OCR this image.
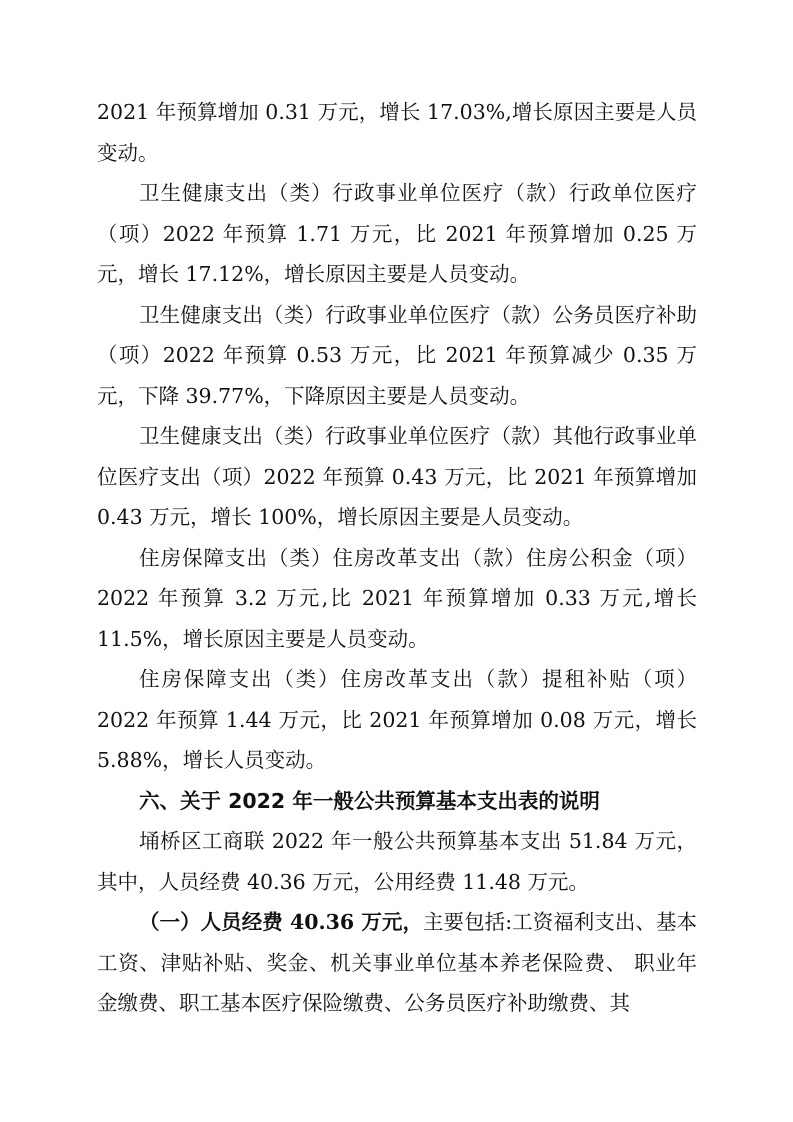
2021 年预算增加 0.31 万元，增长 17.03%,增长原因主要是人员变动。

卫生健康支出（类）行政事业单位医疗（款）行政单位医疗（项）2022 年预算 1.71 万元，比 2021 年预算增加 0.25 万元，增长 17.12%，增长原因主要是人员变动。

卫生健康支出（类）行政事业单位医疗（款）公务员医疗补助（项）2022 年预算 0.53 万元，比 2021 年预算减少 0.35 万元，下降 39.77%，下降原因主要是人员变动。

卫生健康支出（类）行政事业单位医疗（款）其他行政事业单位医疗支出（项）2022 年预算 0.43 万元，比 2021 年预算增加 0.43 万元，增长 100%，增长原因主要是人员变动。

住房保障支出（类）住房改革支出（款）住房公积金（项）2022 年预算 3.2 万元,比 2021 年预算增加 0.33 万元,增长 11.5%，增长原因主要是人员变动。

住房保障支出（类）住房改革支出（款）提租补贴（项）2022 年预算 1.44 万元，比 2021 年预算增加 0.08 万元，增长 5.88%，增长人员变动。

六、关于 2022 年一般公共预算基本支出表的说明

埇桥区工商联 2022 年一般公共预算基本支出 51.84 万元，其中，人员经费 40.36 万元，公用经费 11.48 万元。

（一）人员经费 40.36 万元，主要包括:工资福利支出、基本工资、津贴补贴、奖金、机关事业单位基本养老保险费、 职业年金缴费、职工基本医疗保险缴费、公务员医疗补助缴费、其
